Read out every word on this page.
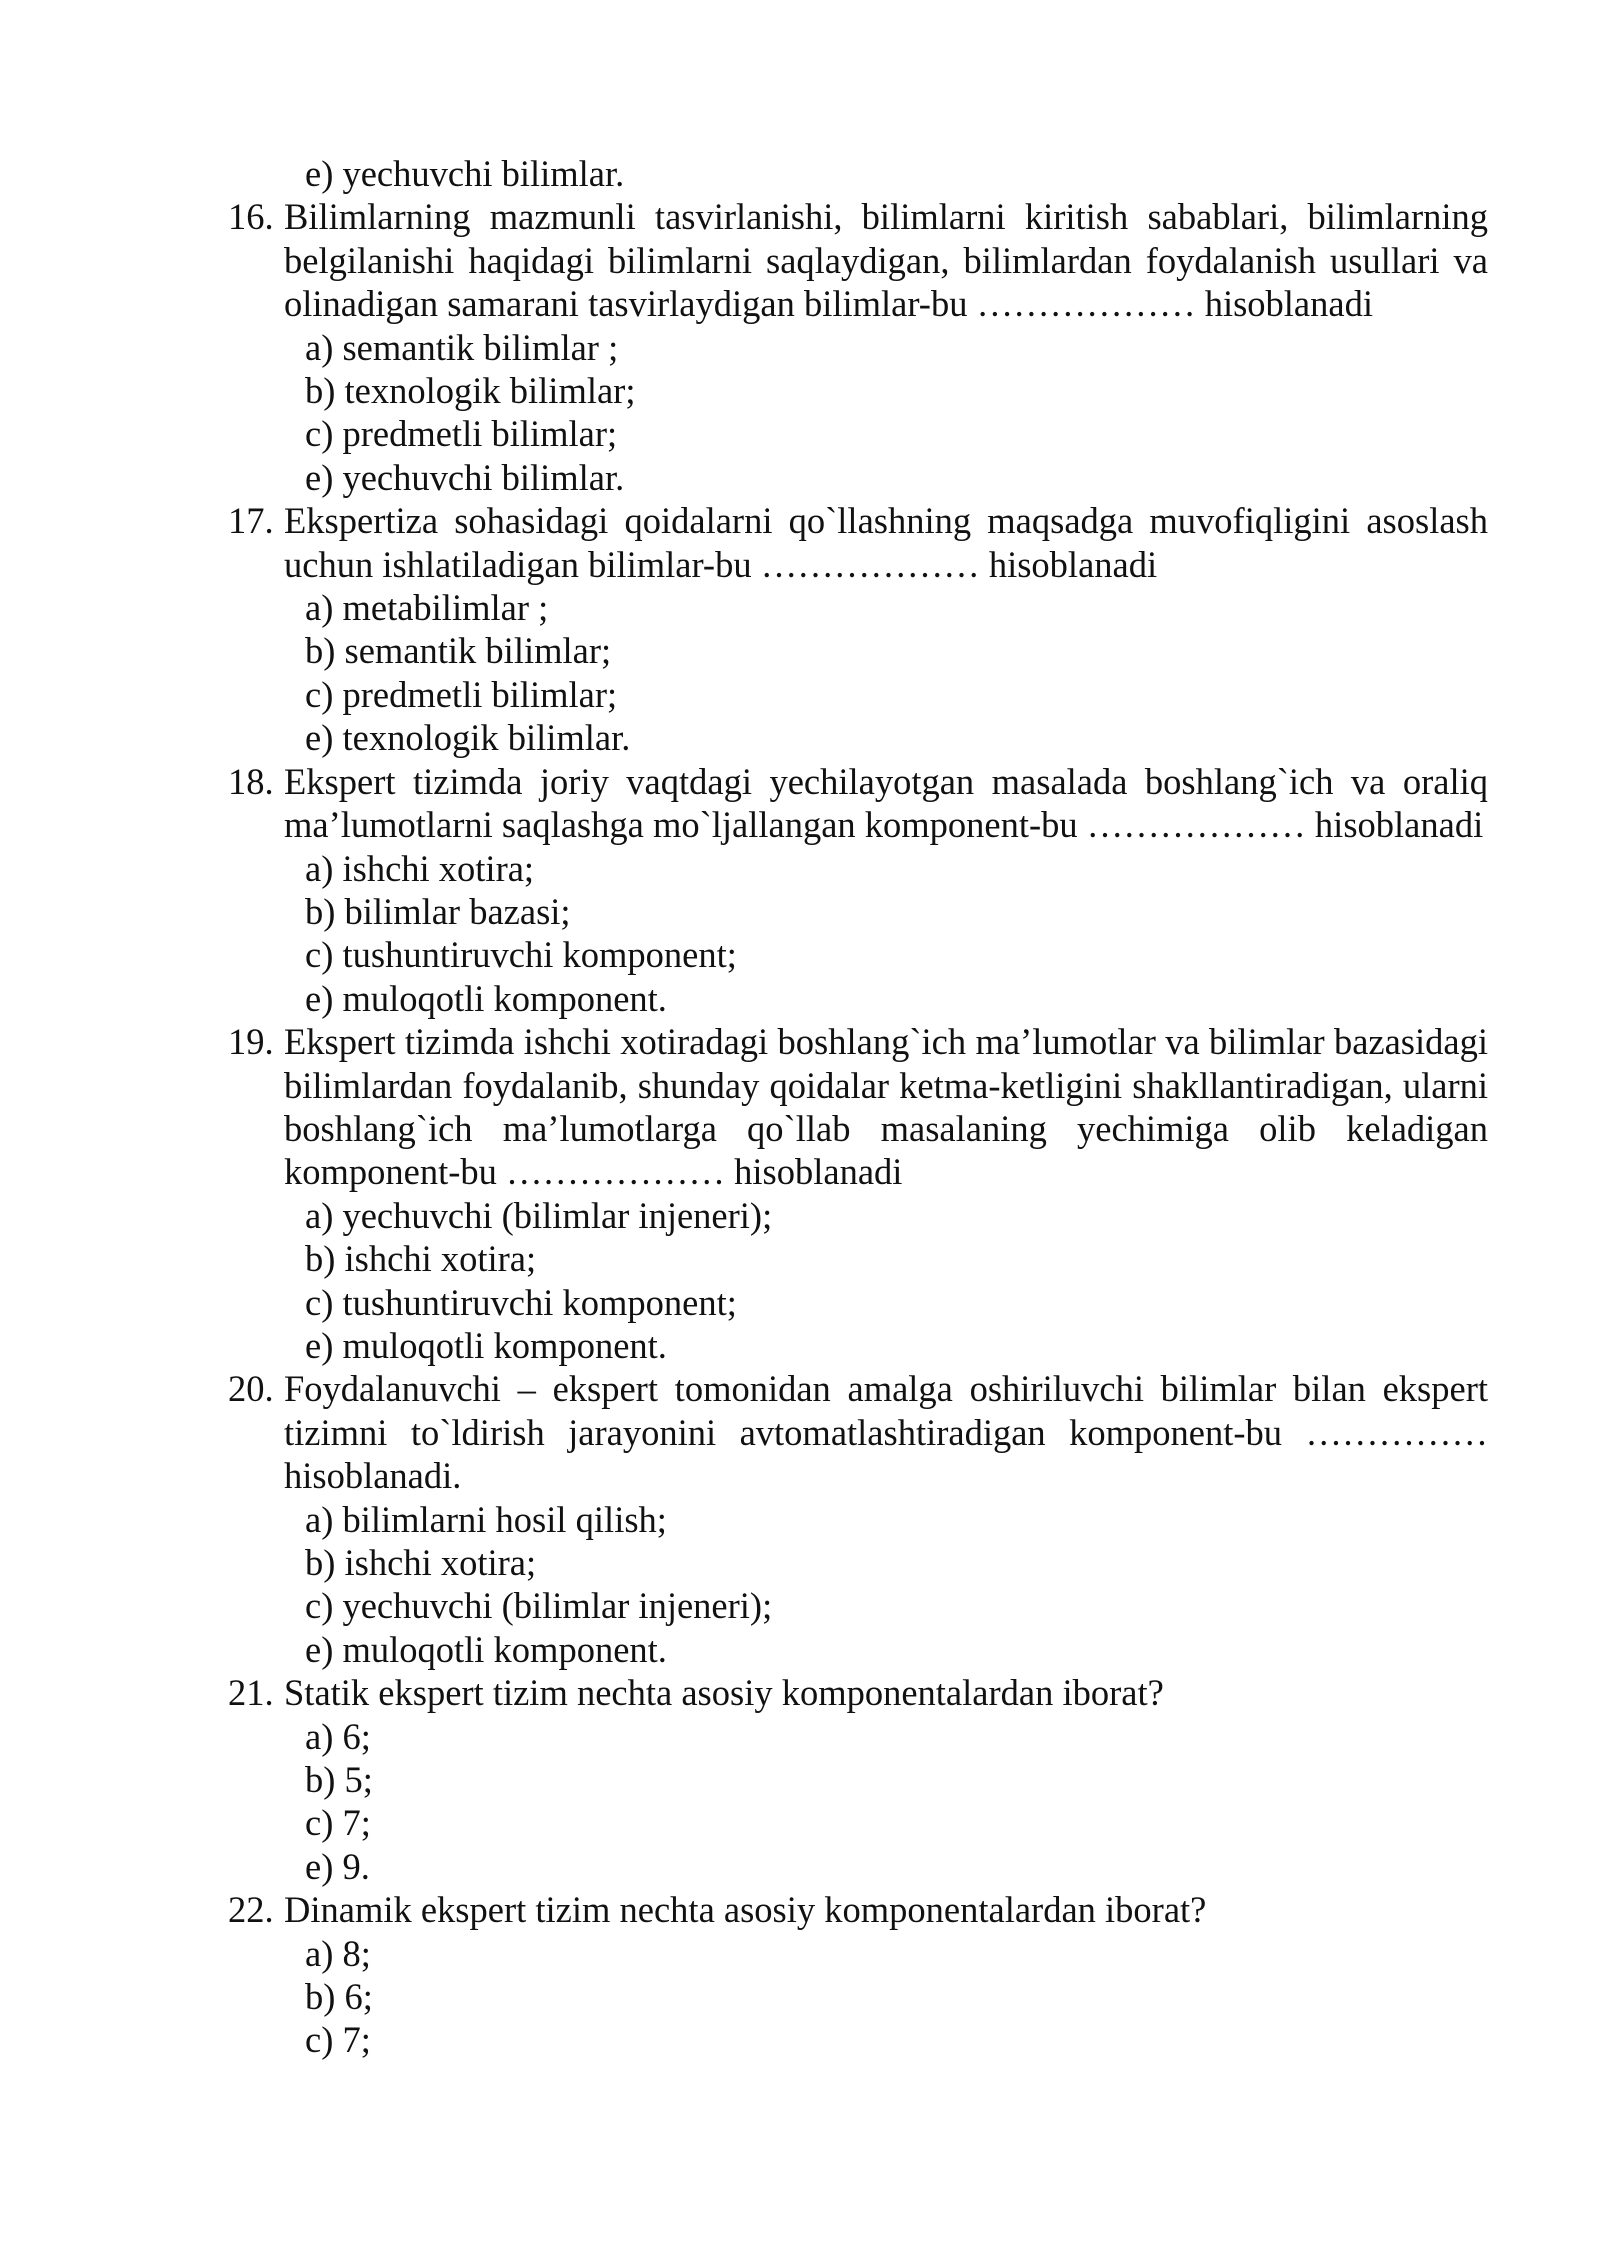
e) yechuvchi bilimlar.
16. Bilimlarning mazmunli tasvirlanishi, bilimlarni kiritish sabablari, bilimlarning belgilanishi haqidagi bilimlarni saqlaydigan, bilimlardan foydalanish usullari va olinadigan samarani tasvirlaydigan bilimlar-bu ……………… hisoblanadi
a) semantik bilimlar ;
b) texnologik bilimlar;
c) predmetli bilimlar;
e) yechuvchi bilimlar.
17. Ekspertiza sohasidagi qoidalarni qo`llashning maqsadga muvofiqligini asoslash uchun ishlatiladigan bilimlar-bu ……………… hisoblanadi
a) metabilimlar ;
b) semantik bilimlar;
c) predmetli bilimlar;
e) texnologik bilimlar.
18. Ekspert tizimda joriy vaqtdagi yechilayotgan masalada boshlang`ich va oraliq ma’lumotlarni saqlashga mo`ljallangan komponent-bu ……………… hisoblanadi
a) ishchi xotira;
b) bilimlar bazasi;
c) tushuntiruvchi komponent;
e) muloqotli komponent.
19. Ekspert tizimda ishchi xotiradagi boshlang`ich ma’lumotlar va bilimlar bazasidagi bilimlardan foydalanib, shunday qoidalar ketma-ketligini shakllantiradigan, ularni boshlang`ich ma’lumotlarga qo`llab masalaning yechimiga olib keladigan komponent-bu ……………… hisoblanadi
a) yechuvchi (bilimlar injeneri);
b) ishchi xotira;
c) tushuntiruvchi komponent;
e) muloqotli komponent.
20. Foydalanuvchi – ekspert tomonidan amalga oshiriluvchi bilimlar bilan ekspert tizimni to`ldirish jarayonini avtomatlashtiradigan komponent-bu …………… hisoblanadi.
a) bilimlarni hosil qilish;
b) ishchi xotira;
c) yechuvchi (bilimlar injeneri);
e) muloqotli komponent.
21. Statik ekspert tizim nechta asosiy komponentalardan iborat?
a) 6;
b) 5;
c) 7;
e) 9.
22. Dinamik ekspert tizim nechta asosiy komponentalardan iborat?
a) 8;
b) 6;
c) 7;
